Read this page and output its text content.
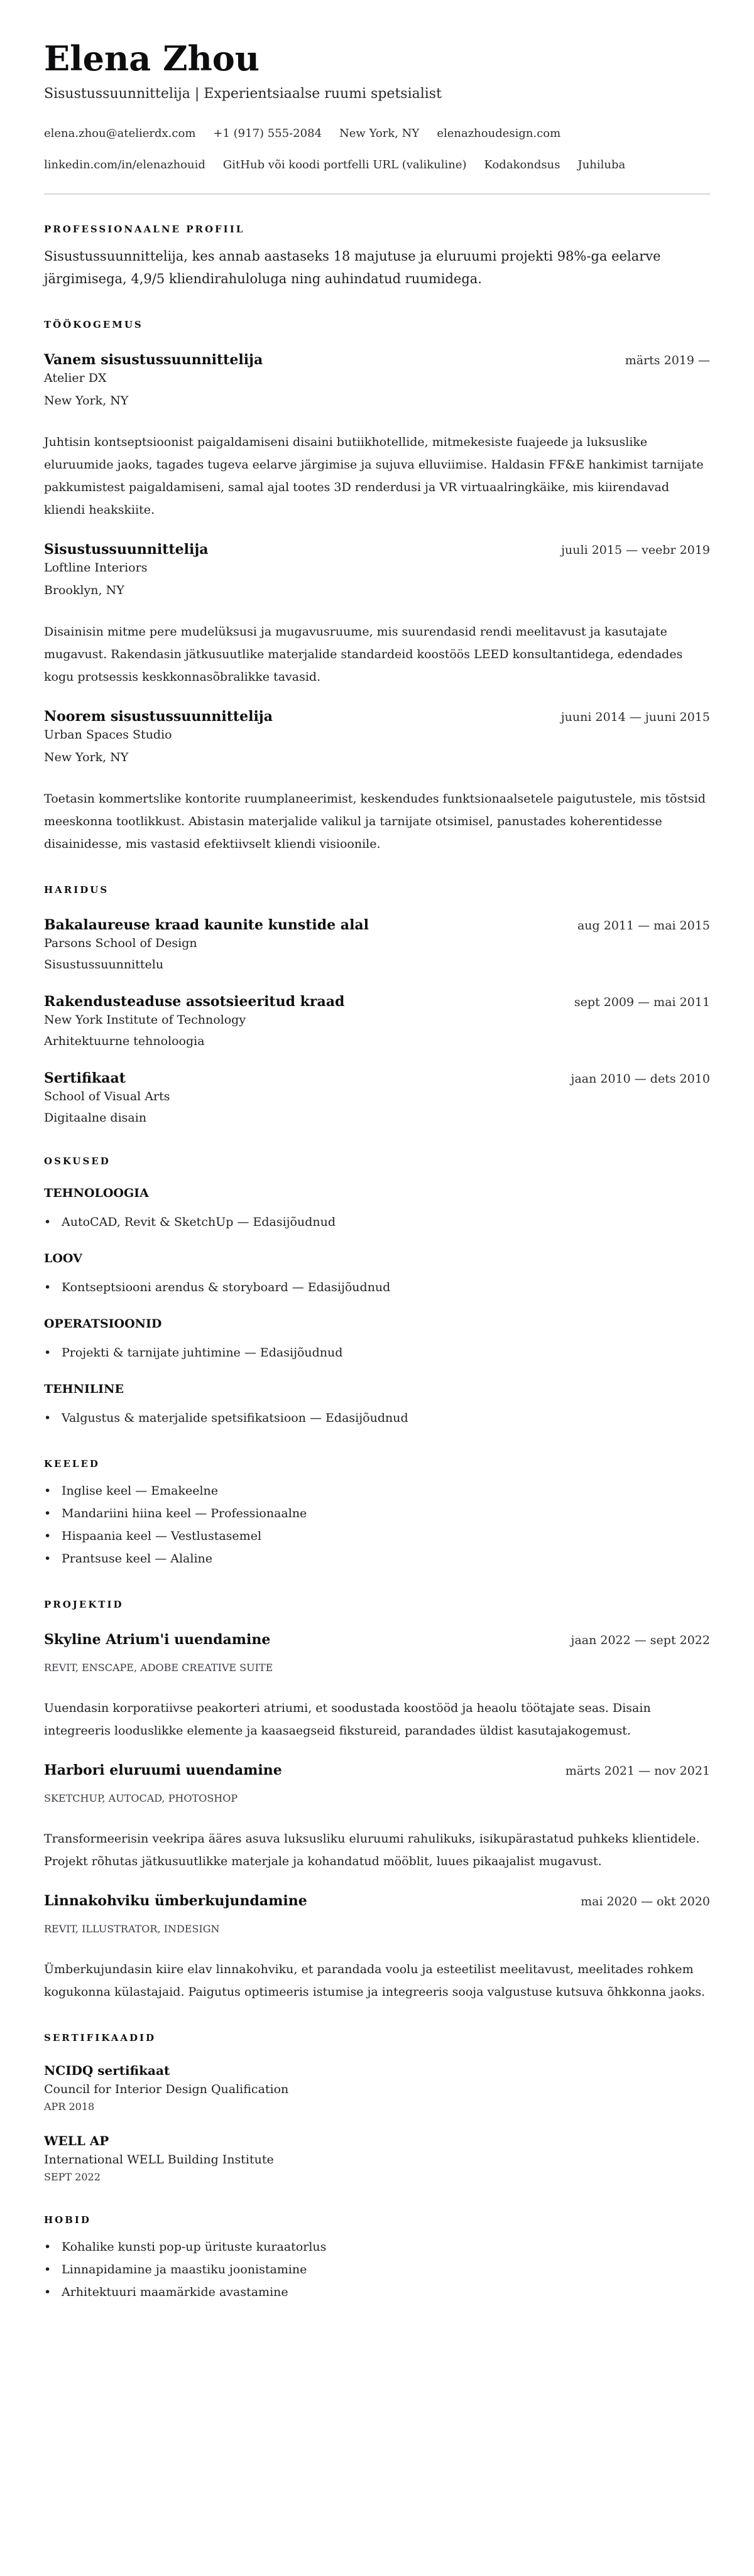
Elena Zhou
Sisustussuunnittelija | Experientsiaalse ruumi spetsialist
elena.zhou@atelierdx.com +1 (917) 555-2084 New York, NY elenazhoudesign.com
linkedin.com/in/elenazhouid GitHub või koodi portfelli URL (valikuline) Kodakondsus Juhiluba
PROFESSIONAALNE PROFIIL
Sisustussuunnittelija, kes annab aastaseks 18 majutuse ja eluruumi projekti 98%-ga eelarve järgimisega, 4,9/5 kliendirahuloluga ning auhindatud ruumidega.
TÖÖKOGEMUS
Vanem sisustussuunnittelija	märts 2019 —
Atelier DX
New York, NY
Juhtisin kontseptsioonist paigaldamiseni disaini butiikhotellide, mitmekesiste fuajeede ja luksuslike eluruumide jaoks, tagades tugeva eelarve järgimise ja sujuva elluviimise. Haldasin FF&E hankimist tarnijate pakkumistest paigaldamiseni, samal ajal tootes 3D renderdusi ja VR virtuaalringkäike, mis kiirendavad kliendi heakskiite.
Sisustussuunnittelija	juuli 2015 — veebr 2019
Loftline Interiors
Brooklyn, NY
Disainisin mitme pere mudelüksusi ja mugavusruume, mis suurendasid rendi meelitavust ja kasutajate mugavust. Rakendasin jätkusuutlike materjalide standardeid koostöös LEED konsultantidega, edendades kogu protsessis keskkonnasõbralikke tavasid.
Noorem sisustussuunnittelija	juuni 2014 — juuni 2015
Urban Spaces Studio
New York, NY
Toetasin kommertslike kontorite ruumplaneerimist, keskendudes funktsionaalsetele paigutustele, mis tõstsid meeskonna tootlikkust. Abistasin materjalide valikul ja tarnijate otsimisel, panustades koherentidesse disainidesse, mis vastasid efektiivselt kliendi visioonile.
HARIDUS
Bakalaureuse kraad kaunite kunstide alal	aug 2011 — mai 2015
Parsons School of Design
Sisustussuunnittelu
Rakendusteaduse assotsieeritud kraad	sept 2009 — mai 2011
New York Institute of Technology
Arhitektuurne tehnoloogia
Sertifikaat	jaan 2010 — dets 2010
School of Visual Arts
Digitaalne disain
OSKUSED
TEHNOLOOGIA
• AutoCAD, Revit & SketchUp — Edasijõudnud
LOOV
• Kontseptsiooni arendus & storyboard — Edasijõudnud
OPERATSIOONID
• Projekti & tarnijate juhtimine — Edasijõudnud
TEHNILINE
• Valgustus & materjalide spetsifikatsioon — Edasijõudnud
KEELED
• Inglise keel — Emakeelne
• Mandariini hiina keel — Professionaalne
• Hispaania keel — Vestlustasemel
• Prantsuse keel — Alaline
PROJEKTID
Skyline Atrium'i uuendamine	jaan 2022 — sept 2022
REVIT, ENSCAPE, ADOBE CREATIVE SUITE
Uuendasin korporatiivse peakorteri atriumi, et soodustada koostööd ja heaolu töötajate seas. Disain integreeris looduslikke elemente ja kaasaegseid fikstureid, parandades üldist kasutajakogemust.
Harbori eluruumi uuendamine	märts 2021 — nov 2021
SKETCHUP, AUTOCAD, PHOTOSHOP
Transformeerisin veekripa ääres asuva luksusliku eluruumi rahulikuks, isikupärastatud puhkeks klientidele. Projekt rõhutas jätkusuutlikke materjale ja kohandatud mööblit, luues pikaajalist mugavust.
Linnakohviku ümberkujundamine	mai 2020 — okt 2020
REVIT, ILLUSTRATOR, INDESIGN
Ümberkujundasin kiire elav linnakohviku, et parandada voolu ja esteetilist meelitavust, meelitades rohkem kogukonna külastajaid. Paigutus optimeeris istumise ja integreeris sooja valgustuse kutsuva õhkkonna jaoks.
SERTIFIKAADID
NCIDQ sertifikaat
Council for Interior Design Qualification
APR 2018
WELL AP
International WELL Building Institute
SEPT 2022
HOBID
• Kohalike kunsti pop-up ürituste kuraatorlus
• Linnapidamine ja maastiku joonistamine
• Arhitektuuri maamärkide avastamine
